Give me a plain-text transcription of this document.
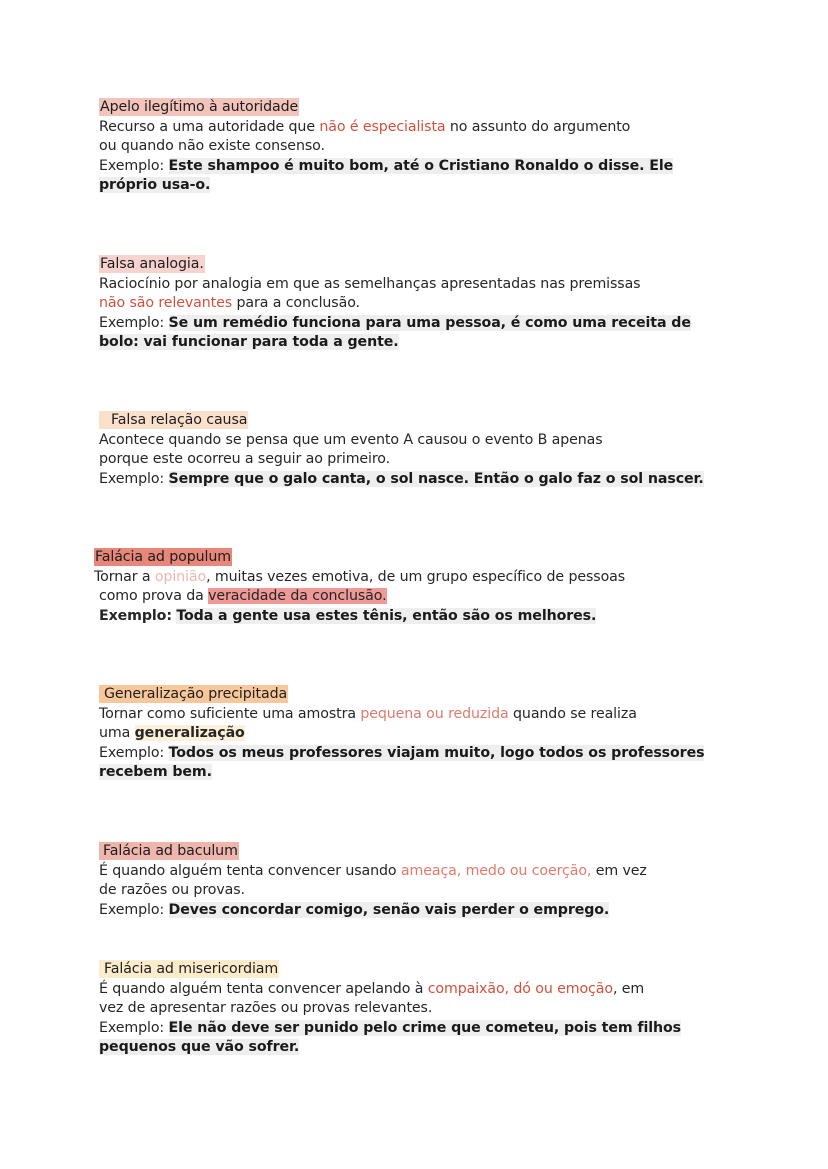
Apelo ilegítimo à autoridade
Recurso a uma autoridade que não é especialista no assunto do argumento
ou quando não existe consenso.
Exemplo: Este shampoo é muito bom, até o Cristiano Ronaldo o disse. Ele
próprio usa-o.
Falsa analogia.
Raciocínio por analogia em que as semelhanças apresentadas nas premissas
não são relevantes para a conclusão.
Exemplo: Se um remédio funciona para uma pessoa, é como uma receita de
bolo: vai funcionar para toda a gente.
Falsa relação causa
Acontece quando se pensa que um evento A causou o evento B apenas
porque este ocorreu a seguir ao primeiro.
Exemplo: Sempre que o galo canta, o sol nasce. Então o galo faz o sol nascer.
Falácia ad populum
Tornar a opinião, muitas vezes emotiva, de um grupo específico de pessoas
como prova da veracidade da conclusão.
Exemplo: Toda a gente usa estes tênis, então são os melhores.
Generalização precipitada
Tornar como suficiente uma amostra pequena ou reduzida quando se realiza
uma generalização
Exemplo: Todos os meus professores viajam muito, logo todos os professores
recebem bem.
Falácia ad baculum
É quando alguém tenta convencer usando ameaça, medo ou coerção, em vez
de razões ou provas.
Exemplo: Deves concordar comigo, senão vais perder o emprego.
Falácia ad misericordiam
É quando alguém tenta convencer apelando à compaixão, dó ou emoção, em
vez de apresentar razões ou provas relevantes.
Exemplo: Ele não deve ser punido pelo crime que cometeu, pois tem filhos
pequenos que vão sofrer.
